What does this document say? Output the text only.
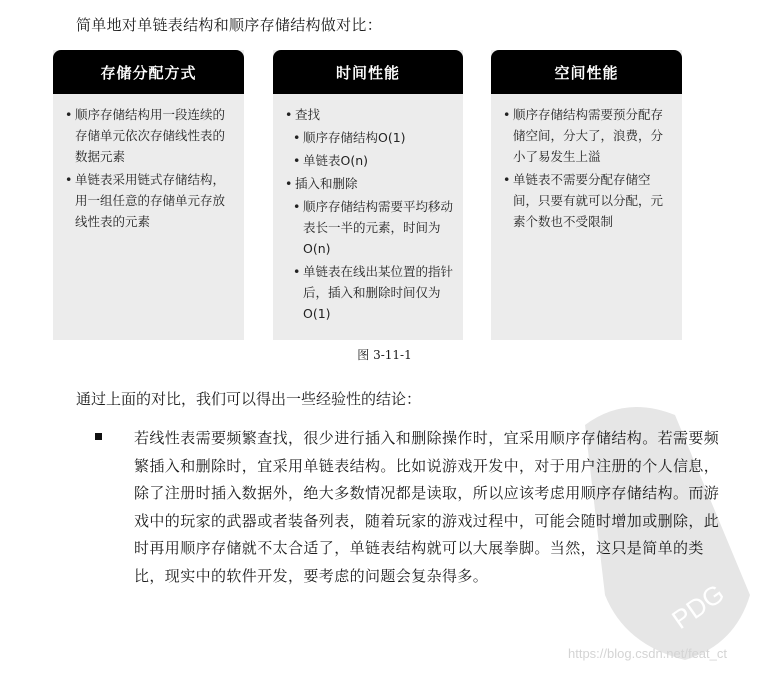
简单地对单链表结构和顺序存储结构做对比：
存储分配方式
• 顺序存储结构用一段连续的存储单元依次存储线性表的数据元素
• 单链表采用链式存储结构，用一组任意的存储单元存放线性表的元素
时间性能
• 查找
• 顺序存储结构O(1)
• 单链表O(n)
• 插入和删除
• 顺序存储结构需要平均移动表长一半的元素，时间为O(n)
• 单链表在线出某位置的指针后，插入和删除时间仅为O(1)
空间性能
• 顺序存储结构需要预分配存储空间，分大了，浪费，分小了易发生上溢
• 单链表不需要分配存储空间，只要有就可以分配，元素个数也不受限制
图 3-11-1
通过上面的对比，我们可以得出一些经验性的结论：
PDG
若线性表需要频繁查找，很少进行插入和删除操作时，宜采用顺序存储结构。若需要频繁插入和删除时，宜采用单链表结构。比如说游戏开发中，对于用户注册的个人信息，除了注册时插入数据外，绝大多数情况都是读取，所以应该考虑用顺序存储结构。而游戏中的玩家的武器或者装备列表，随着玩家的游戏过程中，可能会随时增加或删除，此时再用顺序存储就不太合适了，单链表结构就可以大展拳脚。当然，这只是简单的类比，现实中的软件开发，要考虑的问题会复杂得多。
https://blog.csdn.net/feat_ct
